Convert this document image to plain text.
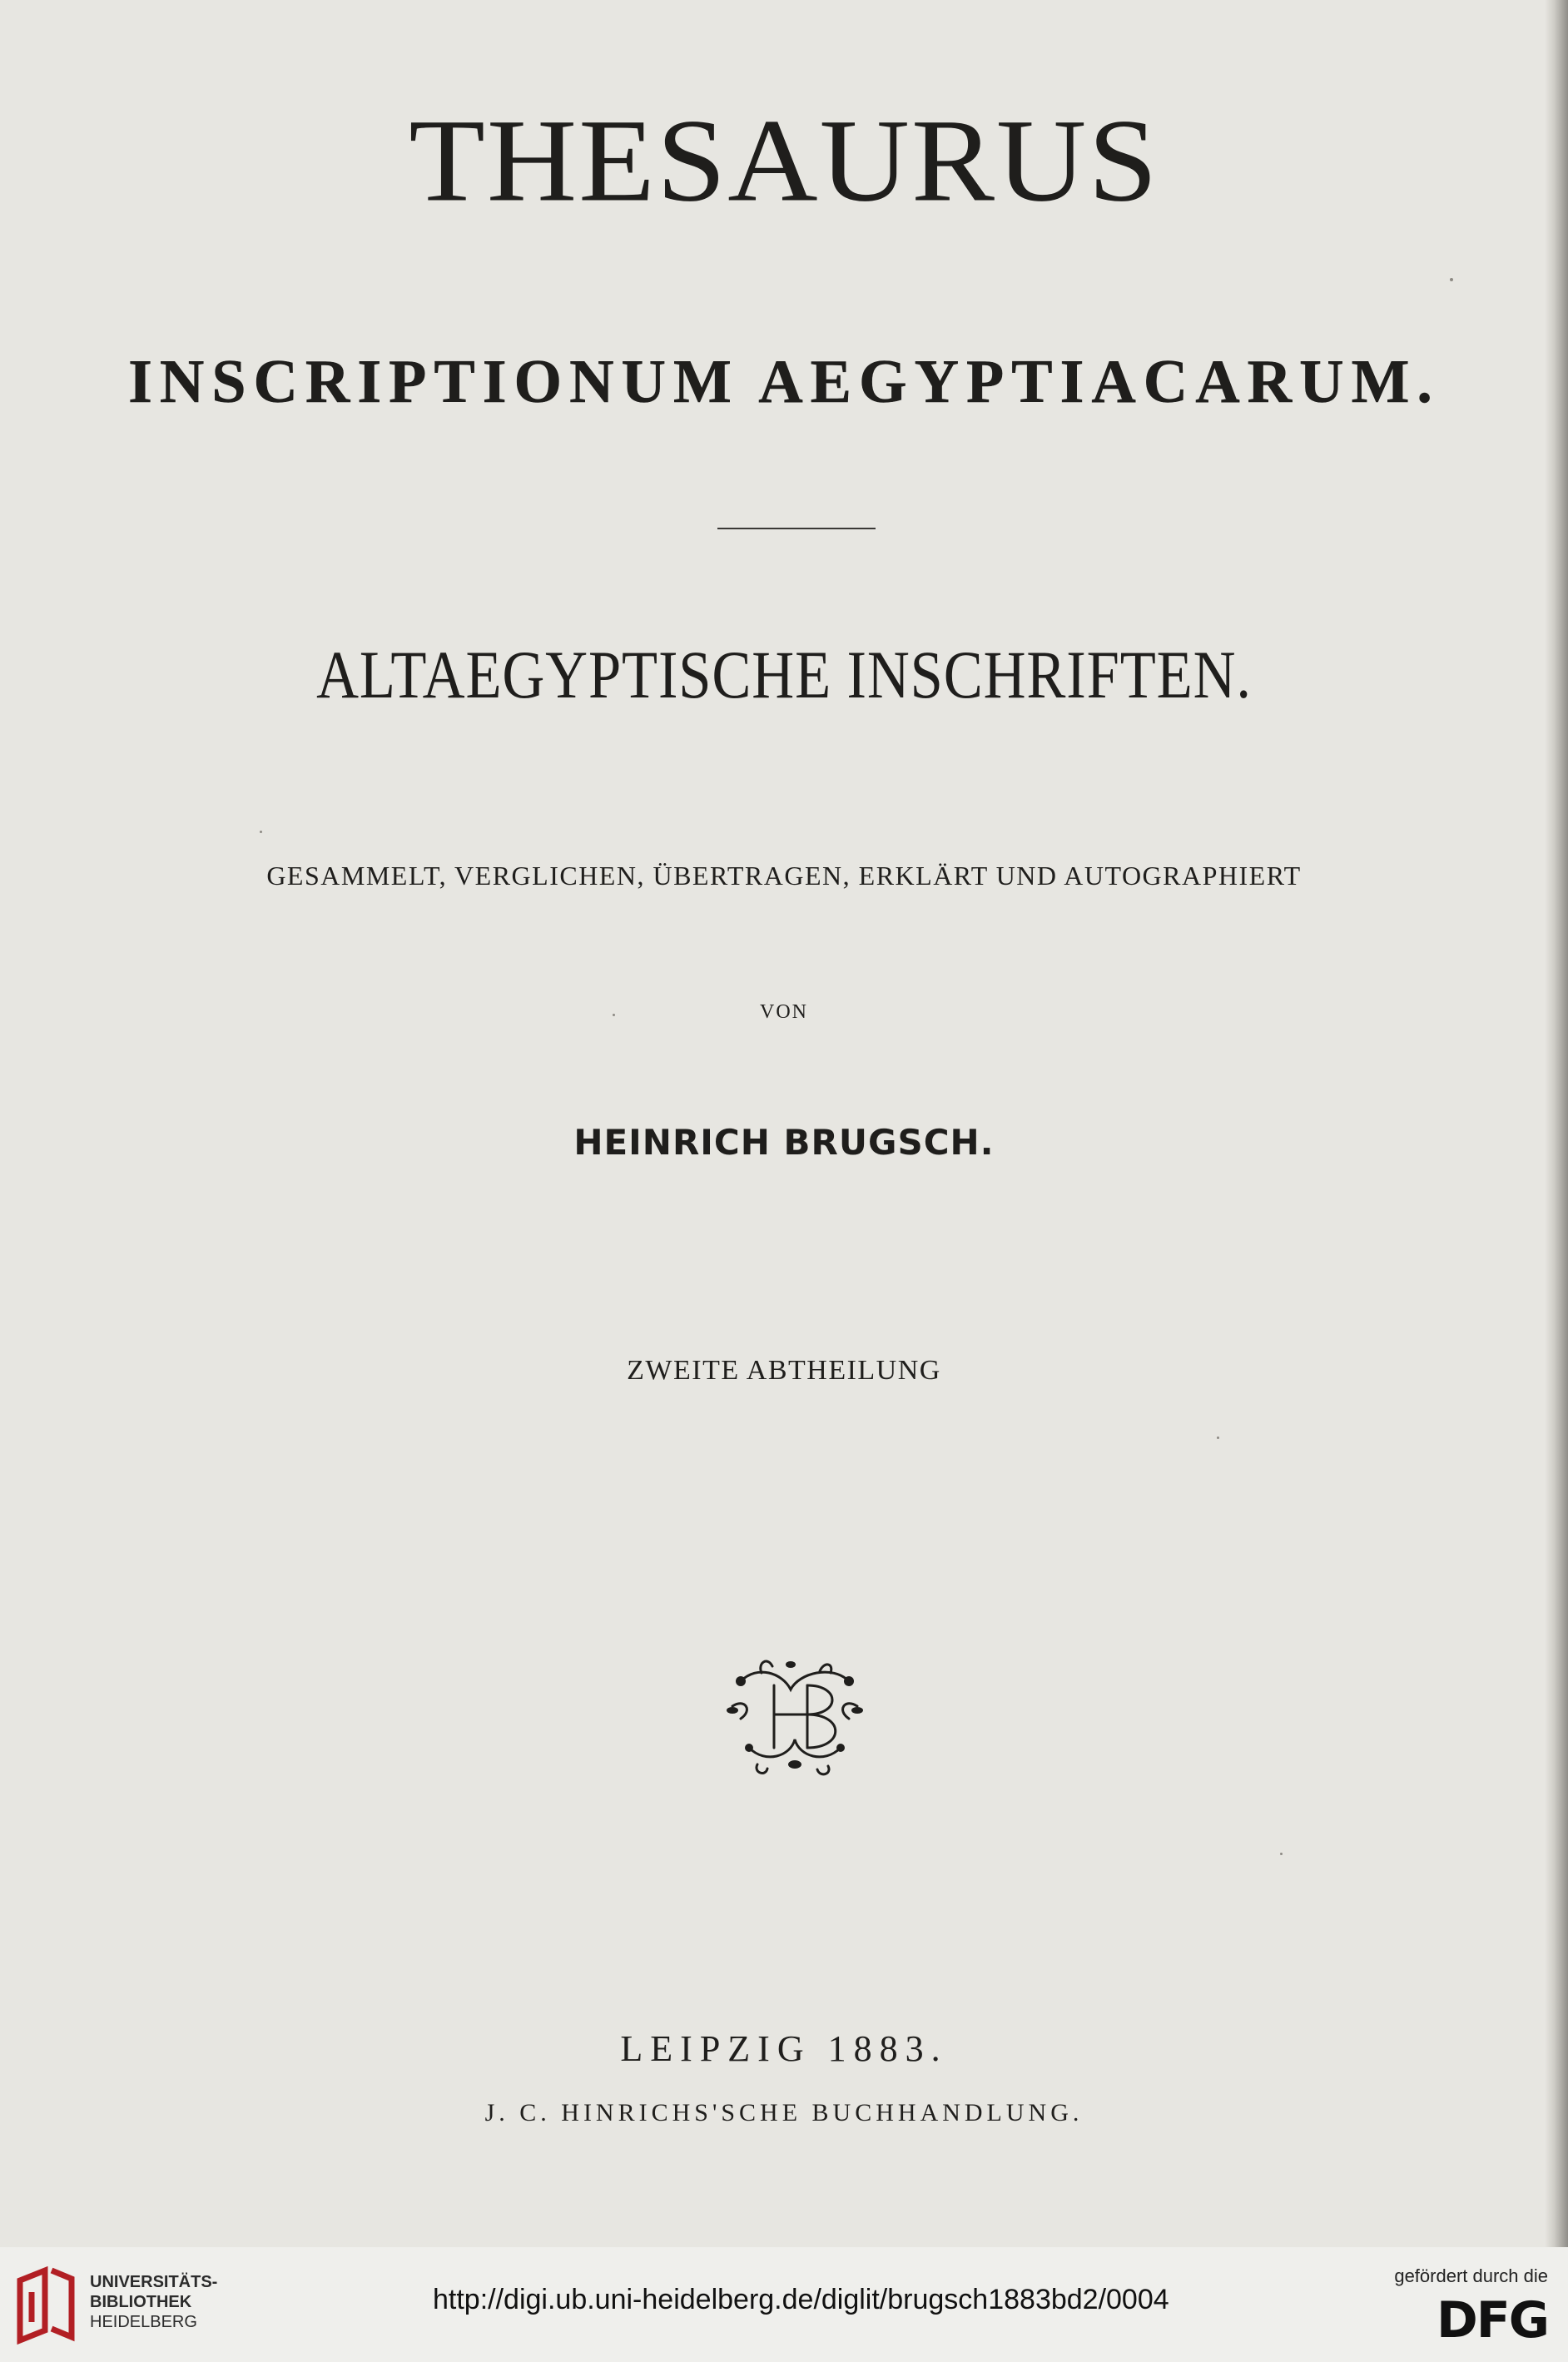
THESAURUS
INSCRIPTIONUM AEGYPTIACARUM.
ALTAEGYPTISCHE INSCHRIFTEN.
GESAMMELT, VERGLICHEN, ÜBERTRAGEN, ERKLÄRT UND AUTOGRAPHIERT
VON
HEINRICH BRUGSCH.
ZWEITE ABTHEILUNG
LEIPZIG 1883.
J. C. HINRICHS'SCHE BUCHHANDLUNG.
UNIVERSITÄTS-
BIBLIOTHEK
HEIDELBERG
http://digi.ub.uni-heidelberg.de/diglit/brugsch1883bd2/0004
gefördert durch die
DFG
